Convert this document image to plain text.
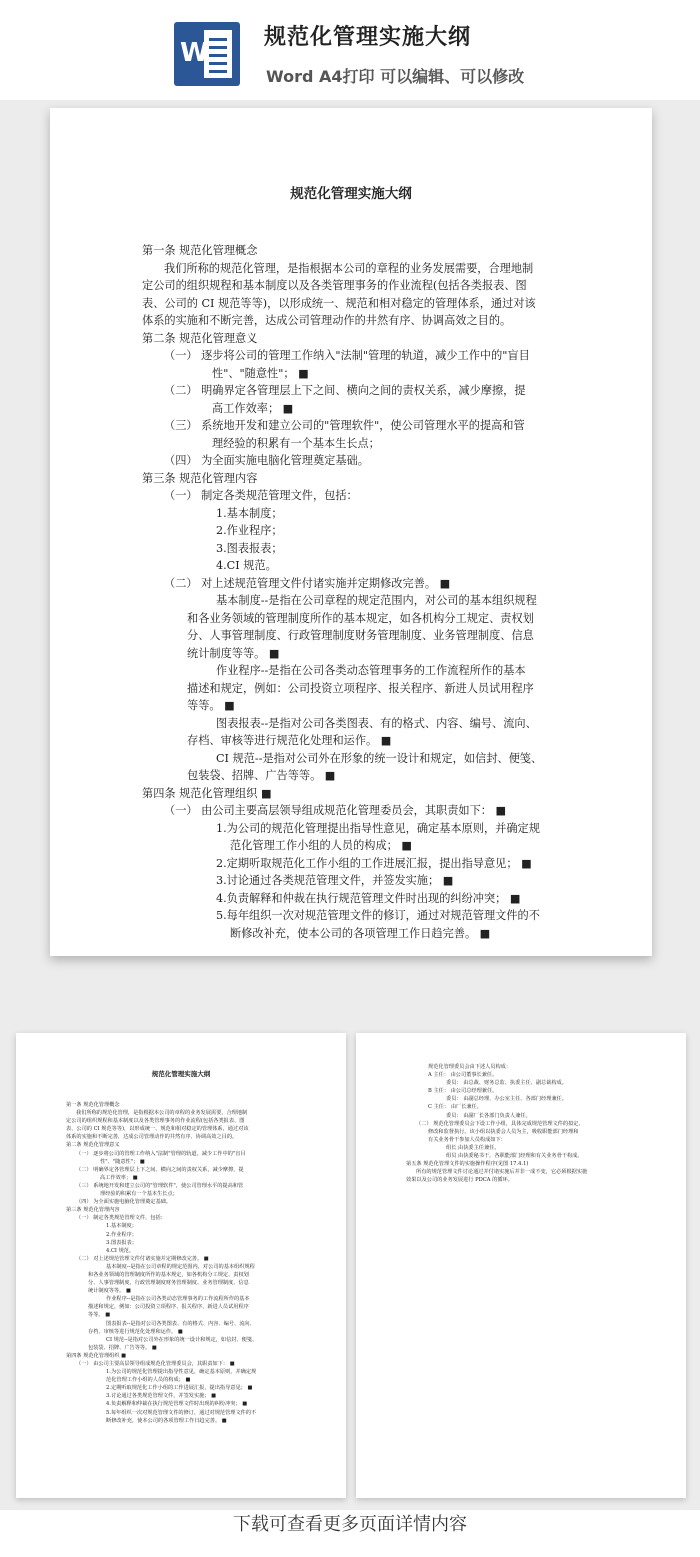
W
规范化管理实施大纲
Word A4打印 可以编辑、可以修改
规范化管理实施大纲
第一条 规范化管理概念
我们所称的规范化管理，是指根据本公司的章程的业务发展需要，合理地制
定公司的组织规程和基本制度以及各类管理事务的作业流程(包括各类报表、图
表、公司的 CI 规范等等)，以形成统一、规范和相对稳定的管理体系，通过对该
体系的实施和不断完善，达成公司管理动作的井然有序、协调高效之目的。
第二条 规范化管理意义
（一） 逐步将公司的管理工作纳入"法制"管理的轨道，减少工作中的"盲目
性"、"随意性"； ■
（二） 明确界定各管理层上下之间、横向之间的责权关系，减少摩擦，提
高工作效率； ■
（三） 系统地开发和建立公司的"管理软件"，使公司管理水平的提高和管
理经验的积累有一个基本生长点；
（四） 为全面实施电脑化管理奠定基础。
第三条 规范化管理内容
（一） 制定各类规范管理文件，包括：
1.基本制度；
2.作业程序；
3.图表报表；
4.CI 规范。
（二） 对上述规范管理文件付诸实施并定期修改完善。 ■
基本制度--是指在公司章程的规定范围内，对公司的基本组织规程
和各业务领域的管理制度所作的基本规定，如各机构分工规定、责权划
分、人事管理制度、行政管理制度财务管理制度、业务管理制度、信息
统计制度等等。 ■
作业程序--是指在公司各类动态管理事务的工作流程所作的基本
描述和规定，例如：公司投资立项程序、报关程序、新进人员试用程序
等等。 ■
图表报表--是指对公司各类图表、有的格式、内容、编号、流向、
存档、审核等进行规范化处理和运作。 ■
CI 规范--是指对公司外在形象的统一设计和规定，如信封、便笺、
包装袋、招牌、广告等等。 ■
第四条 规范化管理组织 ■
（一） 由公司主要高层领导组成规范化管理委员会，其职责如下： ■
1.为公司的规范化管理提出指导性意见，确定基本原则，并确定规
范化管理工作小组的人员的构成； ■
2.定期听取规范化工作小组的工作进展汇报，提出指导意见； ■
3.讨论通过各类规范管理文件，并签发实施； ■
4.负责解释和仲裁在执行规范管理文件时出现的纠纷冲突； ■
5.每年组织一次对规范管理文件的修订，通过对规范管理文件的不
断修改补充，使本公司的各项管理工作日趋完善。 ■
规范化管理实施大纲
第一条 规范化管理概念
我们所称的规范化管理，是指根据本公司的章程的业务发展需要，合理地制
定公司的组织规程和基本制度以及各类管理事务的作业流程(包括各类报表、图
表、公司的 CI 规范等等)，以形成统一、规范和相对稳定的管理体系，通过对该
体系的实施和不断完善，达成公司管理动作的井然有序、协调高效之目的。
第二条 规范化管理意义
（一） 逐步将公司的管理工作纳入"法制"管理的轨道，减少工作中的"盲目
性"、"随意性"； ■
（二） 明确界定各管理层上下之间、横向之间的责权关系，减少摩擦，提
高工作效率； ■
（三） 系统地开发和建立公司的"管理软件"，使公司管理水平的提高和管
理经验的积累有一个基本生长点；
（四） 为全面实施电脑化管理奠定基础。
第三条 规范化管理内容
（一） 制定各类规范管理文件，包括：
1.基本制度；
2.作业程序；
3.图表报表；
4.CI 规范。
（二） 对上述规范管理文件付诸实施并定期修改完善。 ■
基本制度--是指在公司章程的规定范围内，对公司的基本组织规程
和各业务领域的管理制度所作的基本规定，如各机构分工规定、责权划
分、人事管理制度、行政管理制度财务管理制度、业务管理制度、信息
统计制度等等。 ■
作业程序--是指在公司各类动态管理事务的工作流程所作的基本
描述和规定，例如：公司投资立项程序、报关程序、新进人员试用程序
等等。 ■
图表报表--是指对公司各类图表、有的格式、内容、编号、流向、
存档、审核等进行规范化处理和运作。 ■
CI 规范--是指对公司外在形象的统一设计和规定，如信封、便笺、
包装袋、招牌、广告等等。 ■
第四条 规范化管理组织 ■
（一） 由公司主要高层领导组成规范化管理委员会，其职责如下： ■
1.为公司的规范化管理提出指导性意见，确定基本原则，并确定规
范化管理工作小组的人员的构成； ■
2.定期听取规范化工作小组的工作进展汇报，提出指导意见； ■
3.讨论通过各类规范管理文件，并签发实施； ■
4.负责解释和仲裁在执行规范管理文件时出现的纠纷冲突； ■
5.每年组织一次对规范管理文件的修订，通过对规范管理文件的不
断修改补充，使本公司的各项管理工作日趋完善。 ■
规范化管理委员会由下述人员构成：
A 主任： 由公司董事长兼任。
委员： 由总裁、财务总监、执委主任、副总裁构成。
B 主任： 由公司总经理兼任。
委员： 由副总经理、办公室主任、各部门经理兼任。
C 主任： 由厂长兼任。
委员： 由副厂长各部门负责人兼任。
（二） 规范化管理委员会下设工作小组，具体完成规范管理文件的拟定、
修改和监督执行。该小组以执委会人员为主，吸收职能部门经理和
有关业务骨干参加人员构成如下：
组长 由执委主任兼任。
组员 由执委秘书干，各职能部门经理和有关业务骨干构成。
第五条 规范化管理文件的实施操作程序(见图 17.4.1)
所有的规范管理文件讨论通过并付诸实施后并非一成不变，它必须根据实施
效果以及公司的业务发展进行 PDCA 的循环。
下载可查看更多页面详情内容
